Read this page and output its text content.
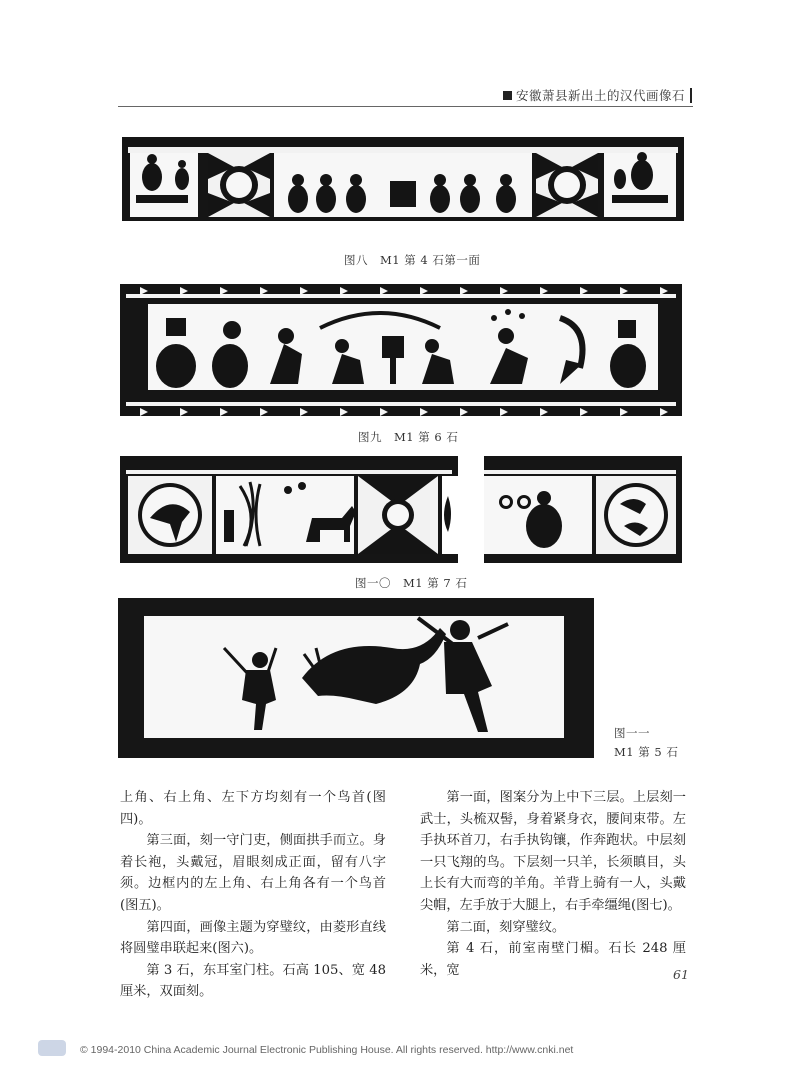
安徽萧县新出土的汉代画像石
图八　M1 第 4 石第一面
图九　M1 第 6 石
图一〇　M1 第 7 石
图一一
M1 第 5 石

上角、右上角、左下方均刻有一个鸟首(图四)。

第三面，刻一守门吏，侧面拱手而立。身着长袍，头戴冠，眉眼刻成正面，留有八字须。边框内的左上角、右上角各有一个鸟首(图五)。

第四面，画像主题为穿璧纹，由菱形直线将圆璧串联起来(图六)。

第 3 石，东耳室门柱。石高 105、宽 48 厘米，双面刻。

第一面，图案分为上中下三层。上层刻一武士，头梳双髻，身着紧身衣，腰间束带。左手执环首刀，右手执钩镶，作奔跑状。中层刻一只飞翔的鸟。下层刻一只羊，长须瞋目，头上长有大而弯的羊角。羊背上骑有一人，头戴尖帽，左手放于大腿上，右手牵缰绳(图七)。

第二面，刻穿璧纹。

第 4 石，前室南壁门楣。石长 248 厘米，宽	61
© 1994-2010 China Academic Journal Electronic Publishing House. All rights reserved. http://www.cnki.net
